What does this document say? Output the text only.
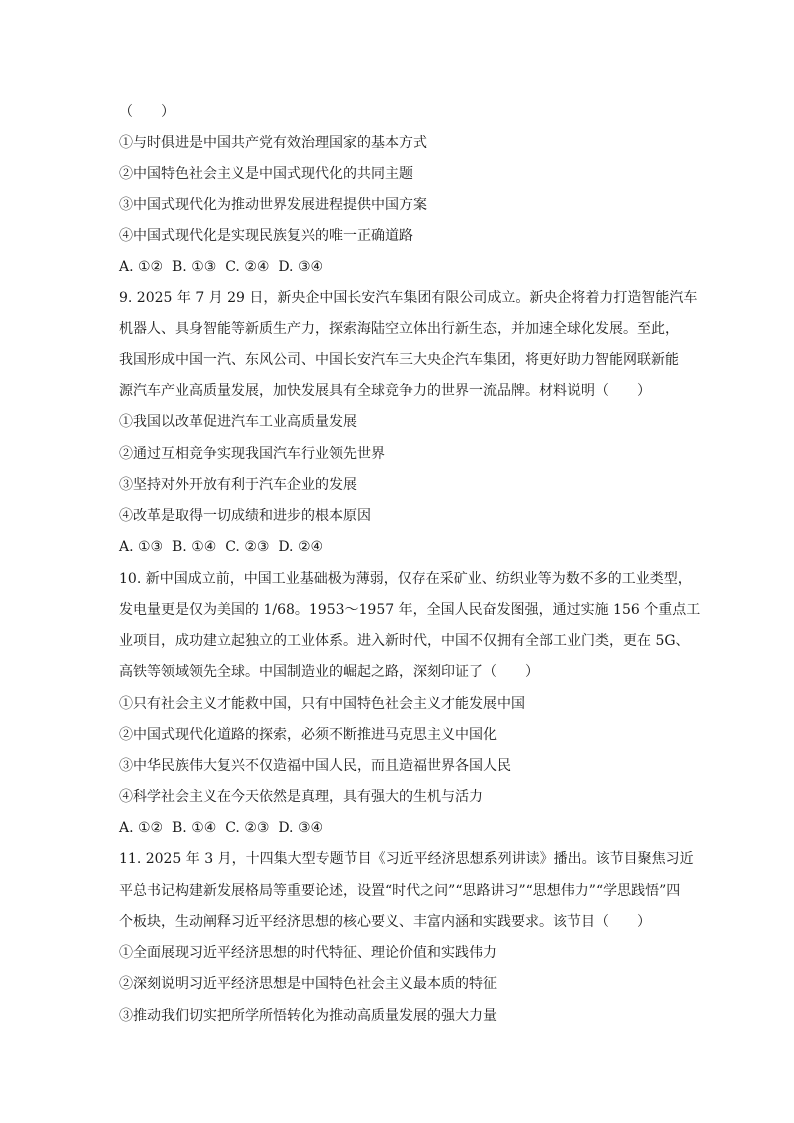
（　　）
①与时俱进是中国共产党有效治理国家的基本方式
②中国特色社会主义是中国式现代化的共同主题
③中国式现代化为推动世界发展进程提供中国方案
④中国式现代化是实现民族复兴的唯一正确道路
A. ①②  B. ①③  C. ②④  D. ③④
9. 2025 年 7 月 29 日，新央企中国长安汽车集团有限公司成立。新央企将着力打造智能汽车
机器人、具身智能等新质生产力，探索海陆空立体出行新生态，并加速全球化发展。至此，
我国形成中国一汽、东风公司、中国长安汽车三大央企汽车集团，将更好助力智能网联新能
源汽车产业高质量发展，加快发展具有全球竞争力的世界一流品牌。材料说明（　　）
①我国以改革促进汽车工业高质量发展
②通过互相竞争实现我国汽车行业领先世界
③坚持对外开放有利于汽车企业的发展
④改革是取得一切成绩和进步的根本原因
A. ①③  B. ①④  C. ②③  D. ②④
10. 新中国成立前，中国工业基础极为薄弱，仅存在采矿业、纺织业等为数不多的工业类型，
发电量更是仅为美国的 1/68。1953～1957 年，全国人民奋发图强，通过实施 156 个重点工
业项目，成功建立起独立的工业体系。进入新时代，中国不仅拥有全部工业门类，更在 5G、
高铁等领域领先全球。中国制造业的崛起之路，深刻印证了（　　）
①只有社会主义才能救中国，只有中国特色社会主义才能发展中国
②中国式现代化道路的探索，必须不断推进马克思主义中国化
③中华民族伟大复兴不仅造福中国人民，而且造福世界各国人民
④科学社会主义在今天依然是真理，具有强大的生机与活力
A. ①②  B. ①④  C. ②③  D. ③④
11. 2025 年 3 月，十四集大型专题节目《习近平经济思想系列讲读》播出。该节目聚焦习近
平总书记构建新发展格局等重要论述，设置“时代之问”“思路讲习”“思想伟力”“学思践悟”四
个板块，生动阐释习近平经济思想的核心要义、丰富内涵和实践要求。该节目（　　）
①全面展现习近平经济思想的时代特征、理论价值和实践伟力
②深刻说明习近平经济思想是中国特色社会主义最本质的特征
③推动我们切实把所学所悟转化为推动高质量发展的强大力量
